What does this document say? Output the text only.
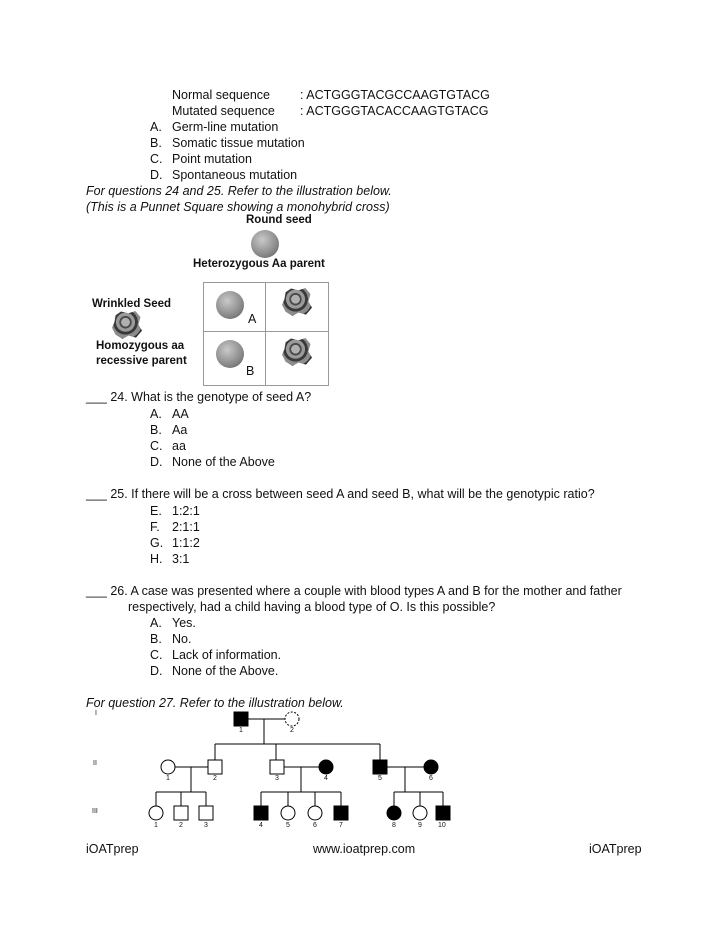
Normal sequence : ACTGGGTACGCCAAGTGTACG
Mutated sequence : ACTGGGTACACCAAGTGTACG
A. Germ-line mutation
B. Somatic tissue mutation
C. Point mutation
D. Spontaneous mutation
For questions 24 and 25. Refer to the illustration below.
(This is a Punnet Square showing a monohybrid cross)
Round seed
Heterozygous Aa parent
Wrinkled Seed
Homozygous aa
recessive parent
A
B
___ 24. What is the genotype of seed A?
A. AA
B. Aa
C. aa
D. None of the Above
___ 25. If there will be a cross between seed A and seed B, what will be the genotypic ratio?
E. 1:2:1
F. 2:1:1
G. 1:1:2
H. 3:1
___ 26. A case was presented where a couple with blood types A and B for the mother and father
respectively, had a child having a blood type of O. Is this possible?
A. Yes.
B. No.
C. Lack of information.
D. None of the Above.
For question 27. Refer to the illustration below.
I
II
III
1	2
1	2	3	4	5	6
1	2	3	4	5	6	7	8	9 10
iOATprep	www.ioatprep.com	iOATprep
